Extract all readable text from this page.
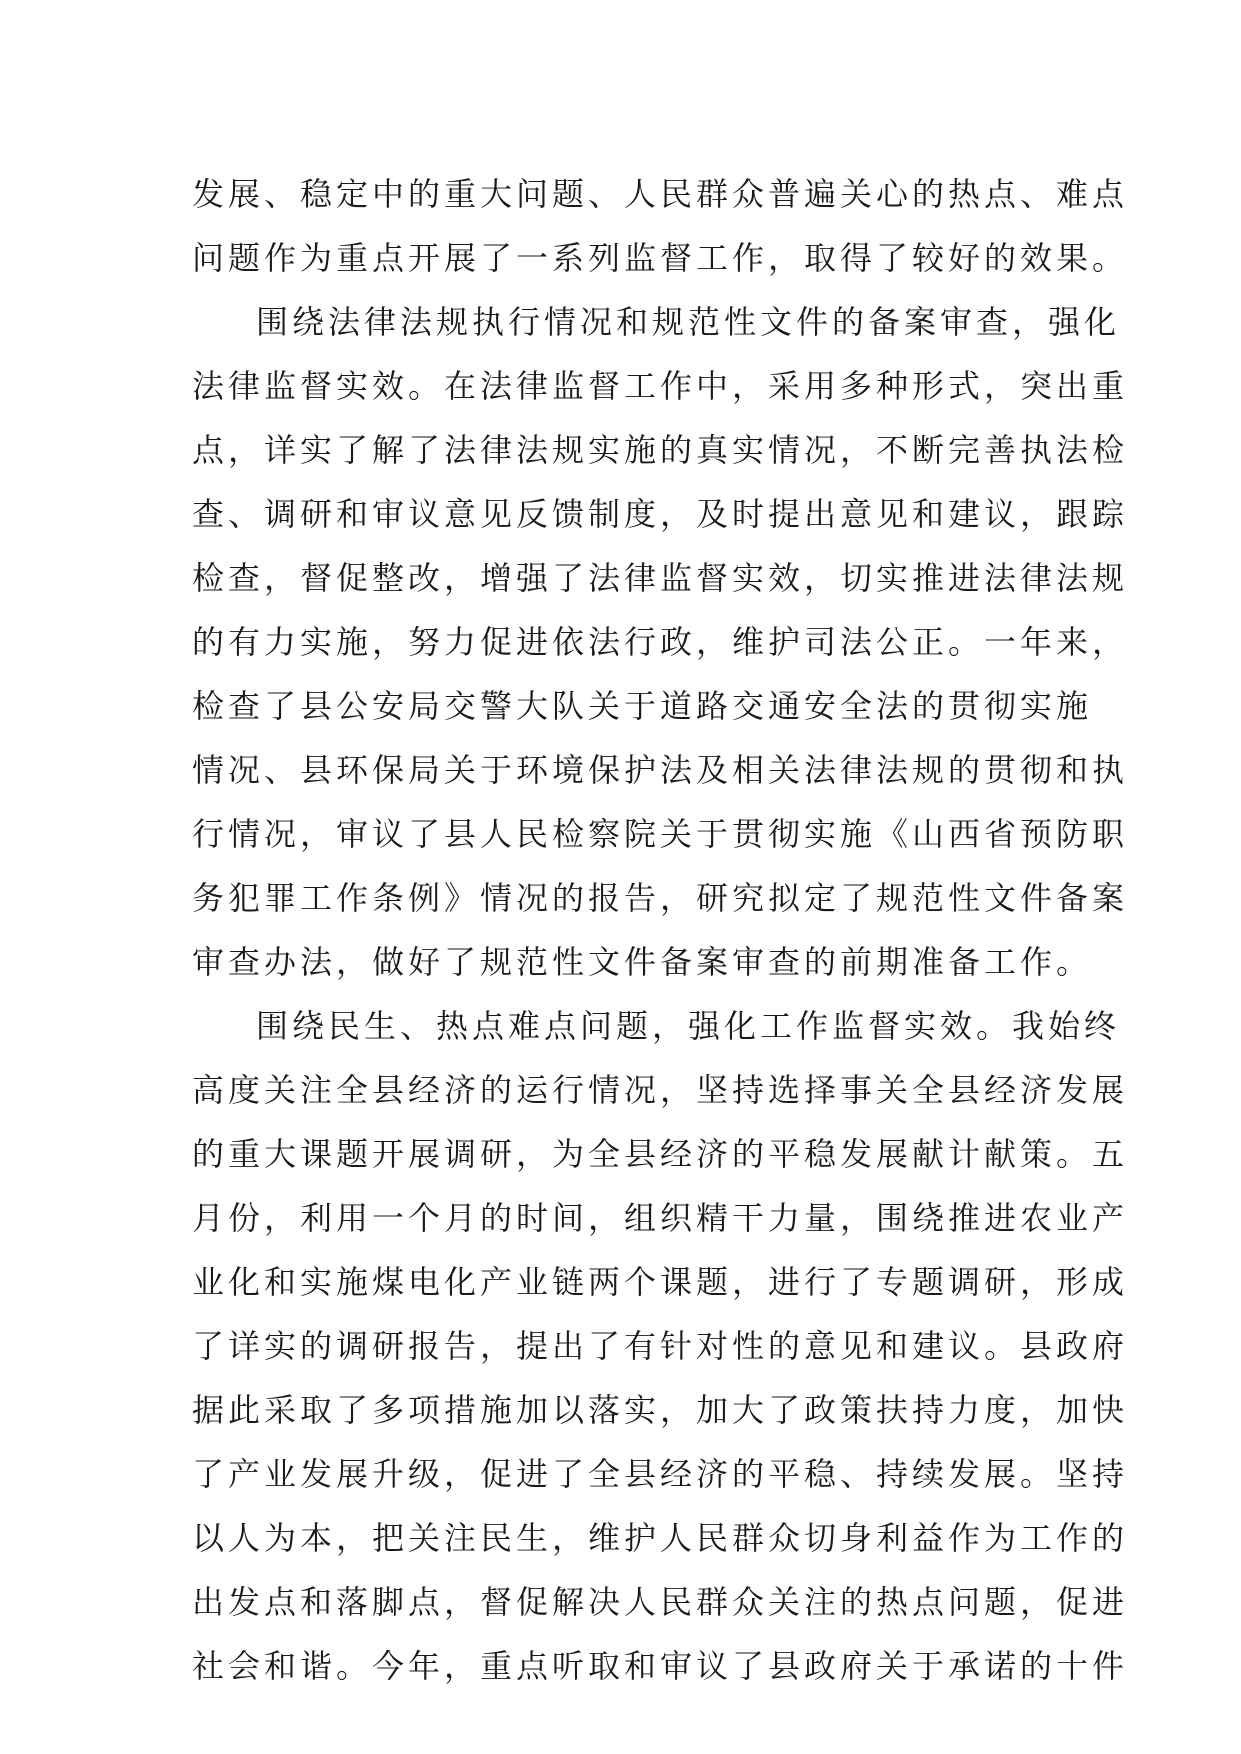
发展、稳定中的重大问题、人民群众普遍关心的热点、难点
问题作为重点开展了一系列监督工作，取得了较好的效果。
围绕法律法规执行情况和规范性文件的备案审查，强化
法律监督实效。在法律监督工作中，采用多种形式，突出重
点，详实了解了法律法规实施的真实情况，不断完善执法检
查、调研和审议意见反馈制度，及时提出意见和建议，跟踪
检查，督促整改，增强了法律监督实效，切实推进法律法规
的有力实施，努力促进依法行政，维护司法公正。一年来，
检查了县公安局交警大队关于道路交通安全法的贯彻实施
情况、县环保局关于环境保护法及相关法律法规的贯彻和执
行情况，审议了县人民检察院关于贯彻实施《山西省预防职
务犯罪工作条例》情况的报告，研究拟定了规范性文件备案
审查办法，做好了规范性文件备案审查的前期准备工作。
围绕民生、热点难点问题，强化工作监督实效。我始终
高度关注全县经济的运行情况，坚持选择事关全县经济发展
的重大课题开展调研，为全县经济的平稳发展献计献策。五
月份，利用一个月的时间，组织精干力量，围绕推进农业产
业化和实施煤电化产业链两个课题，进行了专题调研，形成
了详实的调研报告，提出了有针对性的意见和建议。县政府
据此采取了多项措施加以落实，加大了政策扶持力度，加快
了产业发展升级，促进了全县经济的平稳、持续发展。坚持
以人为本，把关注民生，维护人民群众切身利益作为工作的
出发点和落脚点，督促解决人民群众关注的热点问题，促进
社会和谐。今年，重点听取和审议了县政府关于承诺的十件
